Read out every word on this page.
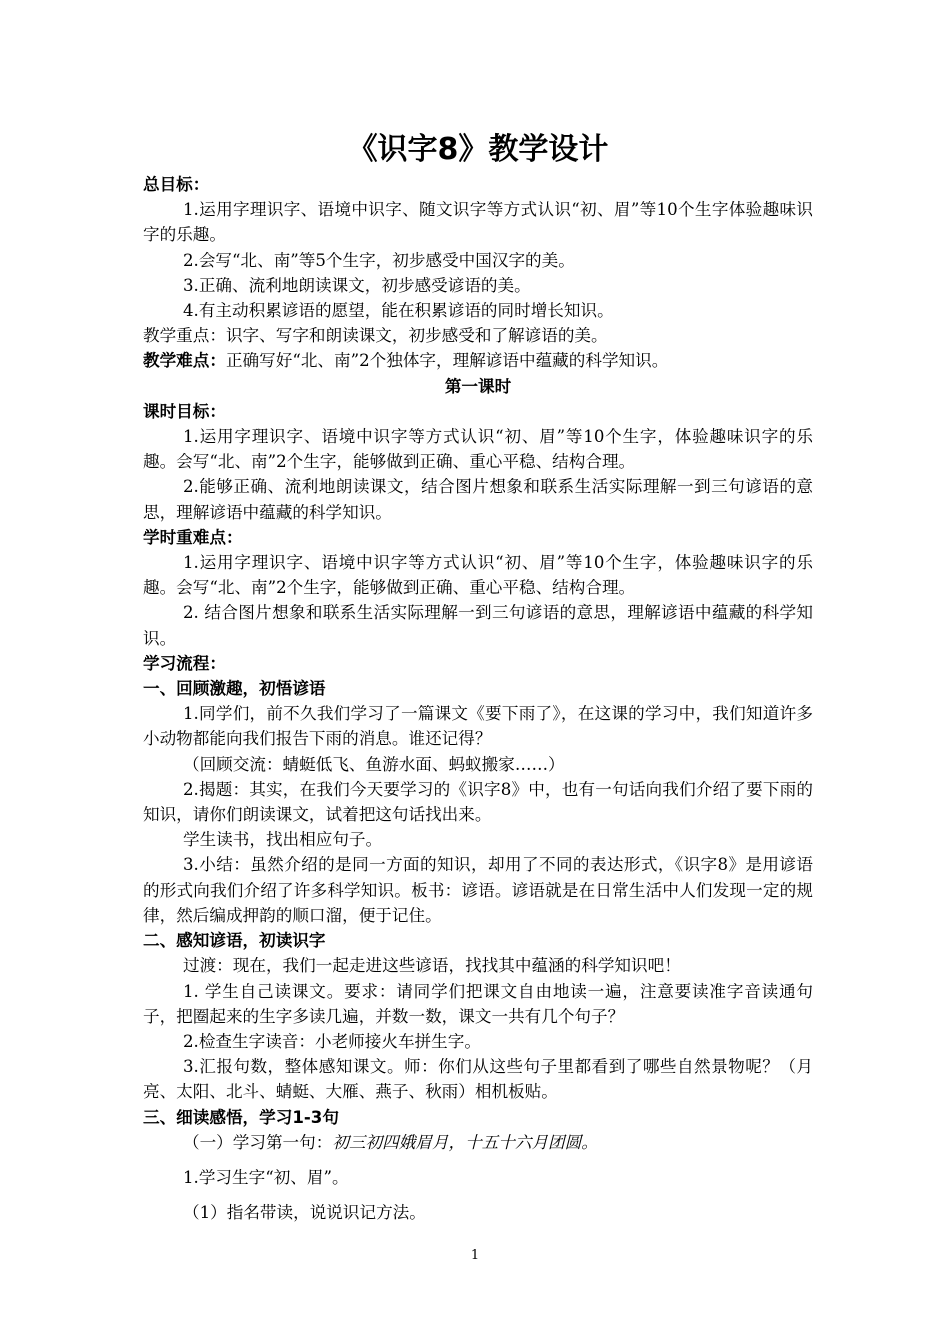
《识字8》教学设计

总目标：

1.运用字理识字、语境中识字、随文识字等方式认识“初、眉”等10个生字体验趣味识字的乐趣。

2.会写“北、南”等5个生字，初步感受中国汉字的美。

3.正确、流利地朗读课文，初步感受谚语的美。

4.有主动积累谚语的愿望，能在积累谚语的同时增长知识。

教学重点：识字、写字和朗读课文，初步感受和了解谚语的美。

教学难点：正确写好“北、南”2个独体字，理解谚语中蕴藏的科学知识。

第一课时

课时目标：

1.运用字理识字、语境中识字等方式认识“初、眉”等10个生字，体验趣味识字的乐趣。会写“北、南”2个生字，能够做到正确、重心平稳、结构合理。

2.能够正确、流利地朗读课文，结合图片想象和联系生活实际理解一到三句谚语的意思，理解谚语中蕴藏的科学知识。

学时重难点：

1.运用字理识字、语境中识字等方式认识“初、眉”等10个生字，体验趣味识字的乐趣。会写“北、南”2个生字，能够做到正确、重心平稳、结构合理。

2. 结合图片想象和联系生活实际理解一到三句谚语的意思，理解谚语中蕴藏的科学知识。

学习流程：

一、回顾激趣，初悟谚语

1.同学们，前不久我们学习了一篇课文《要下雨了》，在这课的学习中，我们知道许多小动物都能向我们报告下雨的消息。谁还记得？

（回顾交流：蜻蜓低飞、鱼游水面、蚂蚁搬家……）

2.揭题：其实，在我们今天要学习的《识字8》中，也有一句话向我们介绍了要下雨的知识，请你们朗读课文，试着把这句话找出来。

学生读书，找出相应句子。

3.小结：虽然介绍的是同一方面的知识，却用了不同的表达形式，《识字8》是用谚语的形式向我们介绍了许多科学知识。板书：谚语。谚语就是在日常生活中人们发现一定的规律，然后编成押韵的顺口溜，便于记住。

二、感知谚语，初读识字

过渡：现在，我们一起走进这些谚语，找找其中蕴涵的科学知识吧！

1. 学生自己读课文。要求：请同学们把课文自由地读一遍，注意要读准字音读通句子，把圈起来的生字多读几遍，并数一数，课文一共有几个句子？

2.检查生字读音：小老师接火车拼生字。

3.汇报句数，整体感知课文。师：你们从这些句子里都看到了哪些自然景物呢？（月亮、太阳、北斗、蜻蜓、大雁、燕子、秋雨）相机板贴。

三、细读感悟，学习1-3句

（一）学习第一句：初三初四娥眉月，十五十六月团圆。

1.学习生字“初、眉”。

（1）指名带读，说说识记方法。

1
